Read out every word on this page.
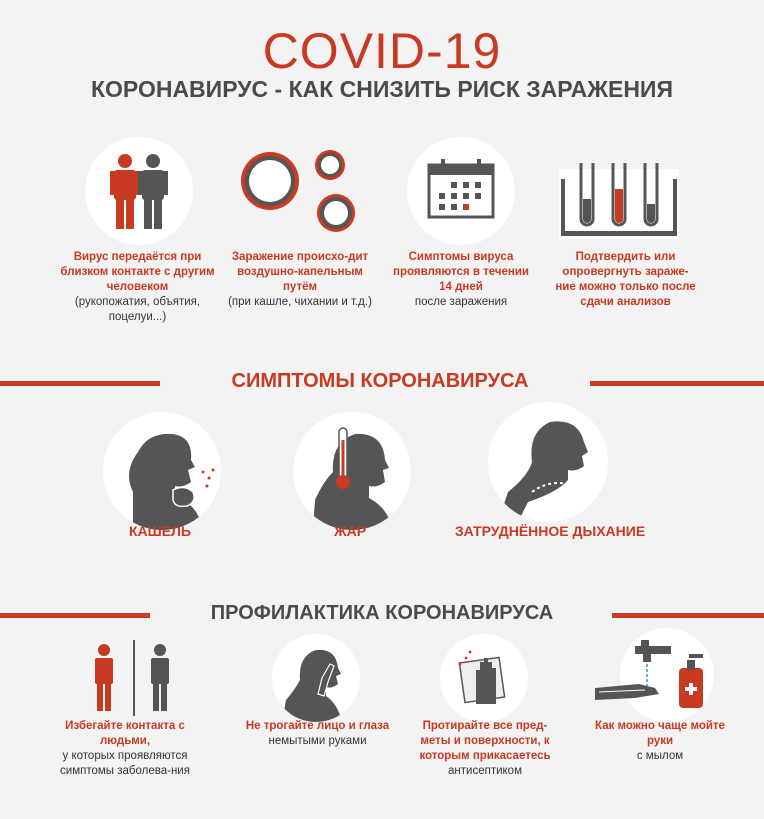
COVID-19
КОРОНАВИРУС - КАК СНИЗИТЬ РИСК ЗАРАЖЕНИЯ
Вирус передаётся при близком контакте с другим человеком
(рукопожатия, объятия, поцелуи...)
Заражение происхо-дит воздушно-капельным путём
(при кашле, чихании и т.д.)
Симптомы вируса проявляются в течении 14 дней
после заражения
Подтвердить или опровергнуть зараже-ние можно только после сдачи анализов
СИМПТОМЫ КОРОНАВИРУСА
КАШЕЛЬ	ЖАР	ЗАТРУДНЁННОЕ ДЫХАНИЕ
ПРОФИЛАКТИКА КОРОНАВИРУСА
Избегайте контакта с людьми,
у которых проявляются симптомы заболева-ния
Не трогайте лицо и глаза
немытыми руками
Протирайте все пред-меты и поверхности, к которым прикасаетесь
антисептиком
Как можно чаще мойте руки
с мылом
